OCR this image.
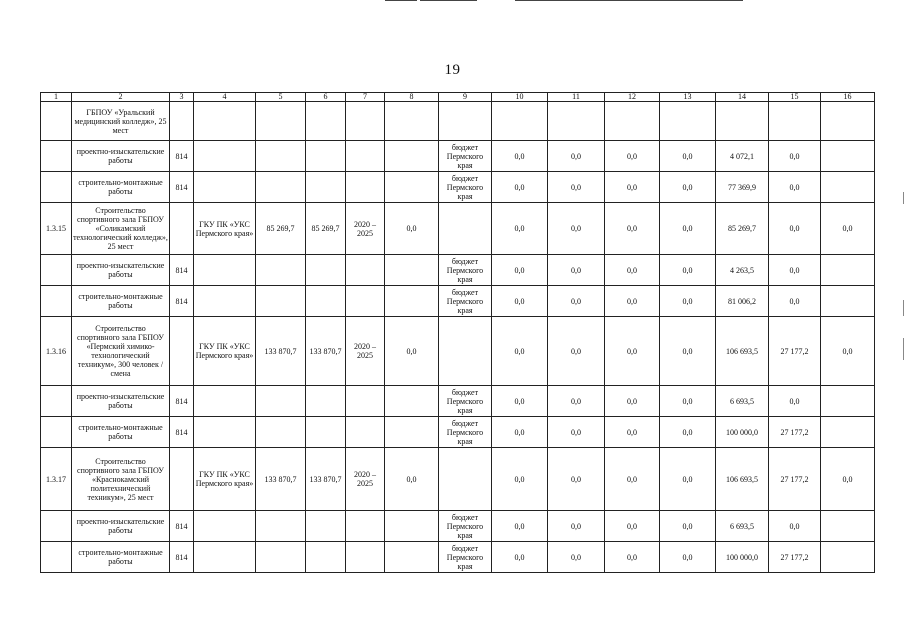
19
1	2	3	4	5	6	7	8	9	10	11	12	13	14	15	16
	ГБПОУ «Уральский медицинский колледж», 25 мест														
	проектно-изыскательские работы	814						бюджет Пермского края	0,0	0,0	0,0	0,0	4 072,1	0,0	
	строительно-монтажные работы	814						бюджет Пермского края	0,0	0,0	0,0	0,0	77 369,9	0,0	
1.3.15	Строительство спортивного зала ГБПОУ «Соликамский технологический колледж», 25 мест		ГКУ ПК «УКС Пермского края»	85 269,7	85 269,7	2020 – 2025	0,0		0,0	0,0	0,0	0,0	85 269,7	0,0	0,0
	проектно-изыскательские работы	814						бюджет Пермского края	0,0	0,0	0,0	0,0	4 263,5	0,0	
	строительно-монтажные работы	814						бюджет Пермского края	0,0	0,0	0,0	0,0	81 006,2	0,0	
1.3.16	Строительство спортивного зала ГБПОУ «Пермский химико-технологический техникум», 300 человек / смена		ГКУ ПК «УКС Пермского края»	133 870,7	133 870,7	2020 – 2025	0,0		0,0	0,0	0,0	0,0	106 693,5	27 177,2	0,0
	проектно-изыскательские работы	814						бюджет Пермского края	0,0	0,0	0,0	0,0	6 693,5	0,0	
	строительно-монтажные работы	814						бюджет Пермского края	0,0	0,0	0,0	0,0	100 000,0	27 177,2	
1.3.17	Строительство спортивного зала ГБПОУ «Краснокамский политехнический техникум», 25 мест		ГКУ ПК «УКС Пермского края»	133 870,7	133 870,7	2020 – 2025	0,0		0,0	0,0	0,0	0,0	106 693,5	27 177,2	0,0
	проектно-изыскательские работы	814						бюджет Пермского края	0,0	0,0	0,0	0,0	6 693,5	0,0	
	строительно-монтажные работы	814						бюджет Пермского края	0,0	0,0	0,0	0,0	100 000,0	27 177,2	
